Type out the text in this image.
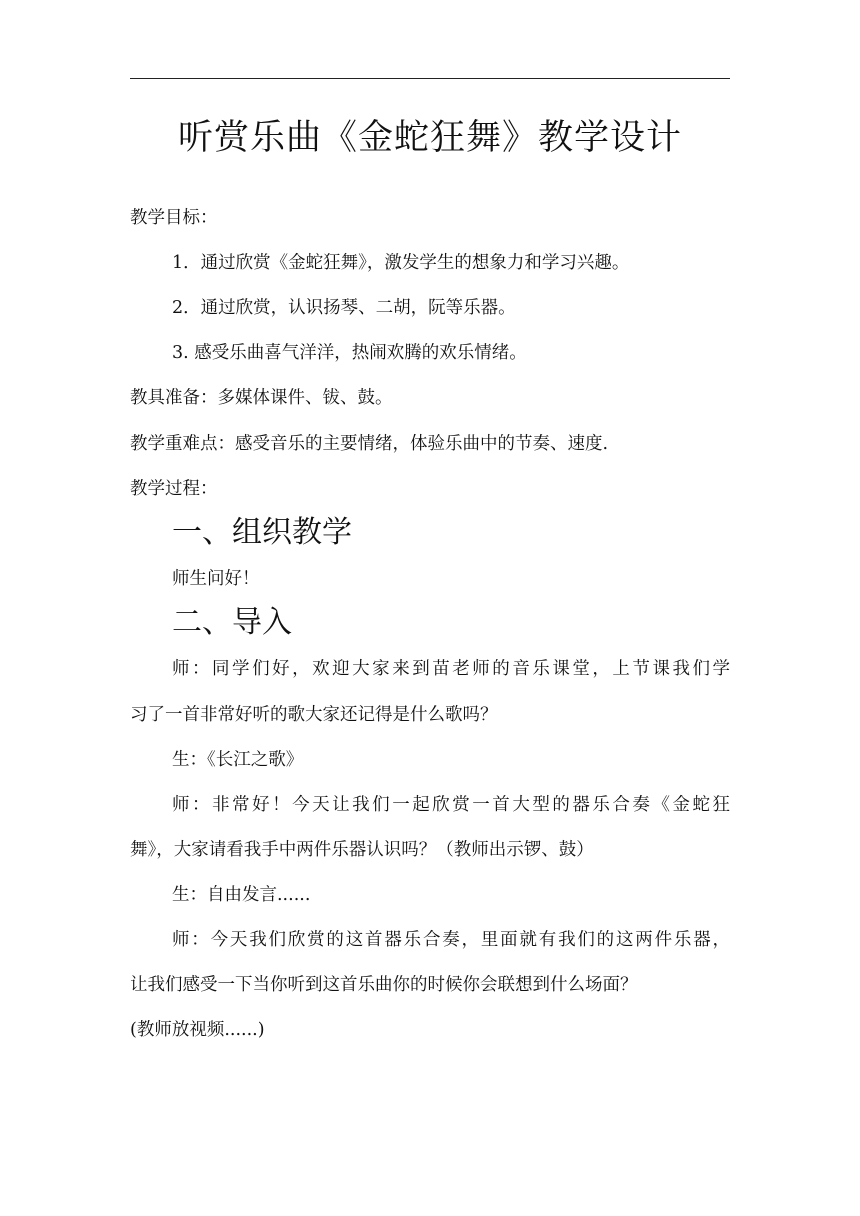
听赏乐曲《金蛇狂舞》教学设计
教学目标：
1．通过欣赏《金蛇狂舞》，激发学生的想象力和学习兴趣。
2．通过欣赏，认识扬琴、二胡，阮等乐器。
3. 感受乐曲喜气洋洋，热闹欢腾的欢乐情绪。
教具准备：多媒体课件、钹、鼓。
教学重难点：感受音乐的主要情绪，体验乐曲中的节奏、速度.
教学过程：
一、组织教学
师生问好！
二、导入
师：同学们好，欢迎大家来到苗老师的音乐课堂，上节课我们学
习了一首非常好听的歌大家还记得是什么歌吗？
生：《长江之歌》
师：非常好！今天让我们一起欣赏一首大型的器乐合奏《金蛇狂
舞》，大家请看我手中两件乐器认识吗？（教师出示锣、鼓）
生：自由发言......
师：今天我们欣赏的这首器乐合奏，里面就有我们的这两件乐器，
让我们感受一下当你听到这首乐曲你的时候你会联想到什么场面？
(教师放视频......)
